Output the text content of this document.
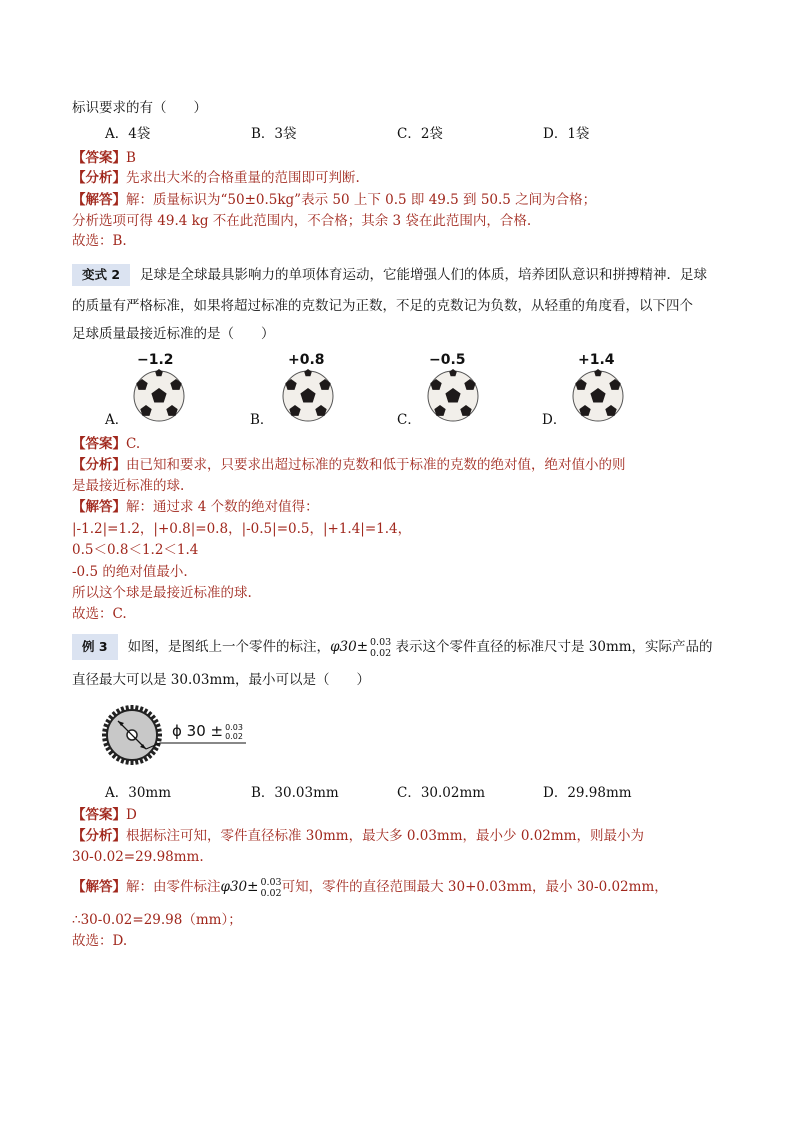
标识要求的有（　　）
A．4袋	B．3袋	C．2袋	D．1袋
【答案】B
【分析】先求出大米的合格重量的范围即可判断.
【解答】解：质量标识为“50±0.5kg”表示 50 上下 0.5 即 49.5 到 50.5 之间为合格；
分析选项可得 49.4 kg 不在此范围内，不合格；其余 3 袋在此范围内，合格.
故选：B.
变式 2 足球是全球最具影响力的单项体育运动，它能增强人们的体质，培养团队意识和拼搏精神．足球
的质量有严格标准，如果将超过标准的克数记为正数，不足的克数记为负数，从轻重的角度看，以下四个
足球质量最接近标准的是（　　）
A．
−1.2
B．
+0.8
C．
−0.5
D．
+1.4
【答案】C.
【分析】由已知和要求，只要求出超过标准的克数和低于标准的克数的绝对值，绝对值小的则
是最接近标准的球.
【解答】解：通过求 4 个数的绝对值得：
|-1.2|=1.2，|+0.8|=0.8，|-0.5|=0.5，|+1.4|=1.4，
0.5＜0.8＜1.2＜1.4
-0.5 的绝对值最小.
所以这个球是最接近标准的球.
故选：C.
例 3 如图，是图纸上一个零件的标注，φ30± 0.03
0.02 表示这个零件直径的标准尺寸是 30mm，实际产品的
直径最大可以是 30.03mm，最小可以是（　　）
ϕ 30 ± 0.03
0.02
A．30mm	B．30.03mm	C．30.02mm	D．29.98mm
【答案】D
【分析】根据标注可知，零件直径标准 30mm，最大多 0.03mm，最小少 0.02mm，则最小为
30-0.02=29.98mm.
【解答】解：由零件标注φ30± 0.03
0.02 可知，零件的直径范围最大 30+0.03mm，最小 30-0.02mm，
∴30-0.02=29.98（mm）；
故选：D.
